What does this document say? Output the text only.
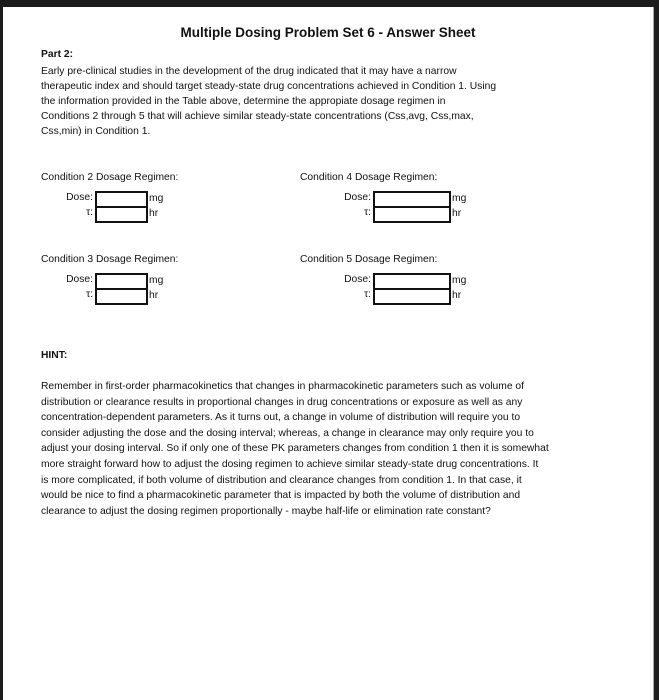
Multiple Dosing Problem Set 6 - Answer Sheet
Part 2:
Early pre-clinical studies in the development of the drug indicated that it may have a narrow
therapeutic index and should target steady-state drug concentrations achieved in Condition 1. Using
the information provided in the Table above, determine the appropiate dosage regimen in
Conditions 2 through 5 that will achieve similar steady-state concentrations (Css,avg, Css,max,
Css,min) in Condition 1.
Condition 2 Dosage Regimen:
Dose:	mg
τ:	hr
Condition 4 Dosage Regimen:
Dose:	mg
τ:	hr
Condition 3 Dosage Regimen:
Dose:	mg
τ:	hr
Condition 5 Dosage Regimen:
Dose:	mg
τ:	hr
HINT:
Remember in first-order pharmacokinetics that changes in pharmacokinetic parameters such as volume of
distribution or clearance results in proportional changes in drug concentrations or exposure as well as any
concentration-dependent parameters. As it turns out, a change in volume of distribution will require you to
consider adjusting the dose and the dosing interval; whereas, a change in clearance may only require you to
adjust your dosing interval. So if only one of these PK parameters changes from condition 1 then it is somewhat
more straight forward how to adjust the dosing regimen to achieve similar steady-state drug concentrations. It
is more complicated, if both volume of distribution and clearance changes from condition 1. In that case, it
would be nice to find a pharmacokinetic parameter that is impacted by both the volume of distribution and
clearance to adjust the dosing regimen proportionally - maybe half-life or elimination rate constant?
